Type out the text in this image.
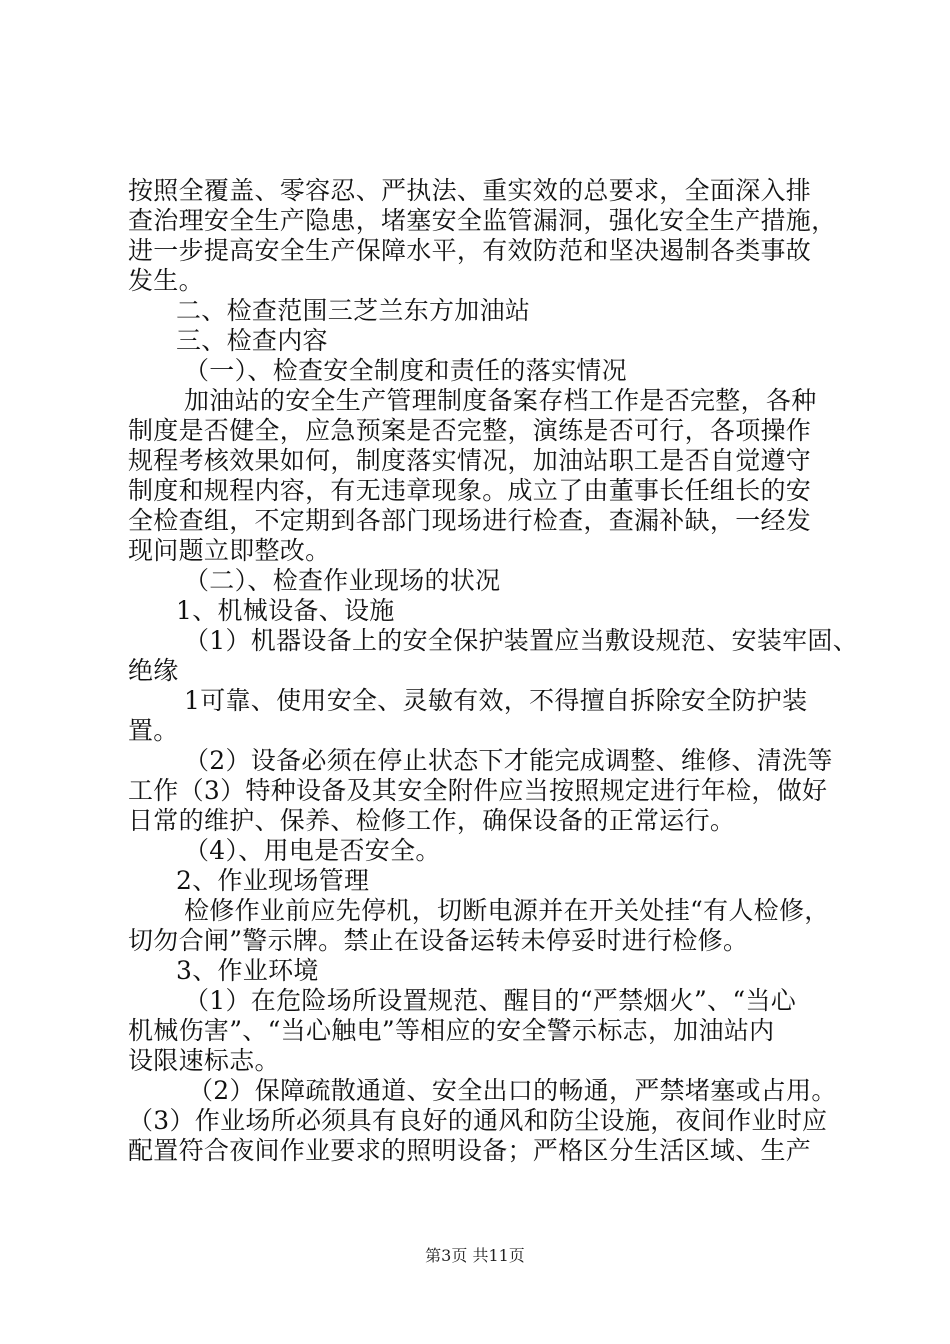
按照全覆盖、零容忍、严执法、重实效的总要求，全面深入排
查治理安全生产隐患，堵塞安全监管漏洞，强化安全生产措施，
进一步提高安全生产保障水平，有效防范和坚决遏制各类事故
发生。
二、检查范围三芝兰东方加油站
三、检查内容
（一）、检查安全制度和责任的落实情况
加油站的安全生产管理制度备案存档工作是否完整，各种
制度是否健全，应急预案是否完整，演练是否可行，各项操作
规程考核效果如何，制度落实情况，加油站职工是否自觉遵守
制度和规程内容，有无违章现象。成立了由董事长任组长的安
全检查组，不定期到各部门现场进行检查，查漏补缺，一经发
现问题立即整改。
（二）、检查作业现场的状况
1、机械设备、设施
（1）机器设备上的安全保护装置应当敷设规范、安装牢固、
绝缘
1可靠、使用安全、灵敏有效，不得擅自拆除安全防护装
置。
（2）设备必须在停止状态下才能完成调整、维修、清洗等
工作（3）特种设备及其安全附件应当按照规定进行年检，做好
日常的维护、保养、检修工作，确保设备的正常运行。
（4）、用电是否安全。
2、作业现场管理
检修作业前应先停机，切断电源并在开关处挂“有人检修，
切勿合闸”警示牌。禁止在设备运转未停妥时进行检修。
3、作业环境
（1）在危险场所设置规范、醒目的“严禁烟火”、“当心
机械伤害”、“当心触电”等相应的安全警示标志，加油站内
设限速标志。
（2）保障疏散通道、安全出口的畅通，严禁堵塞或占用。
（3）作业场所必须具有良好的通风和防尘设施，夜间作业时应
配置符合夜间作业要求的照明设备；严格区分生活区域、生产
第3页 共11页
